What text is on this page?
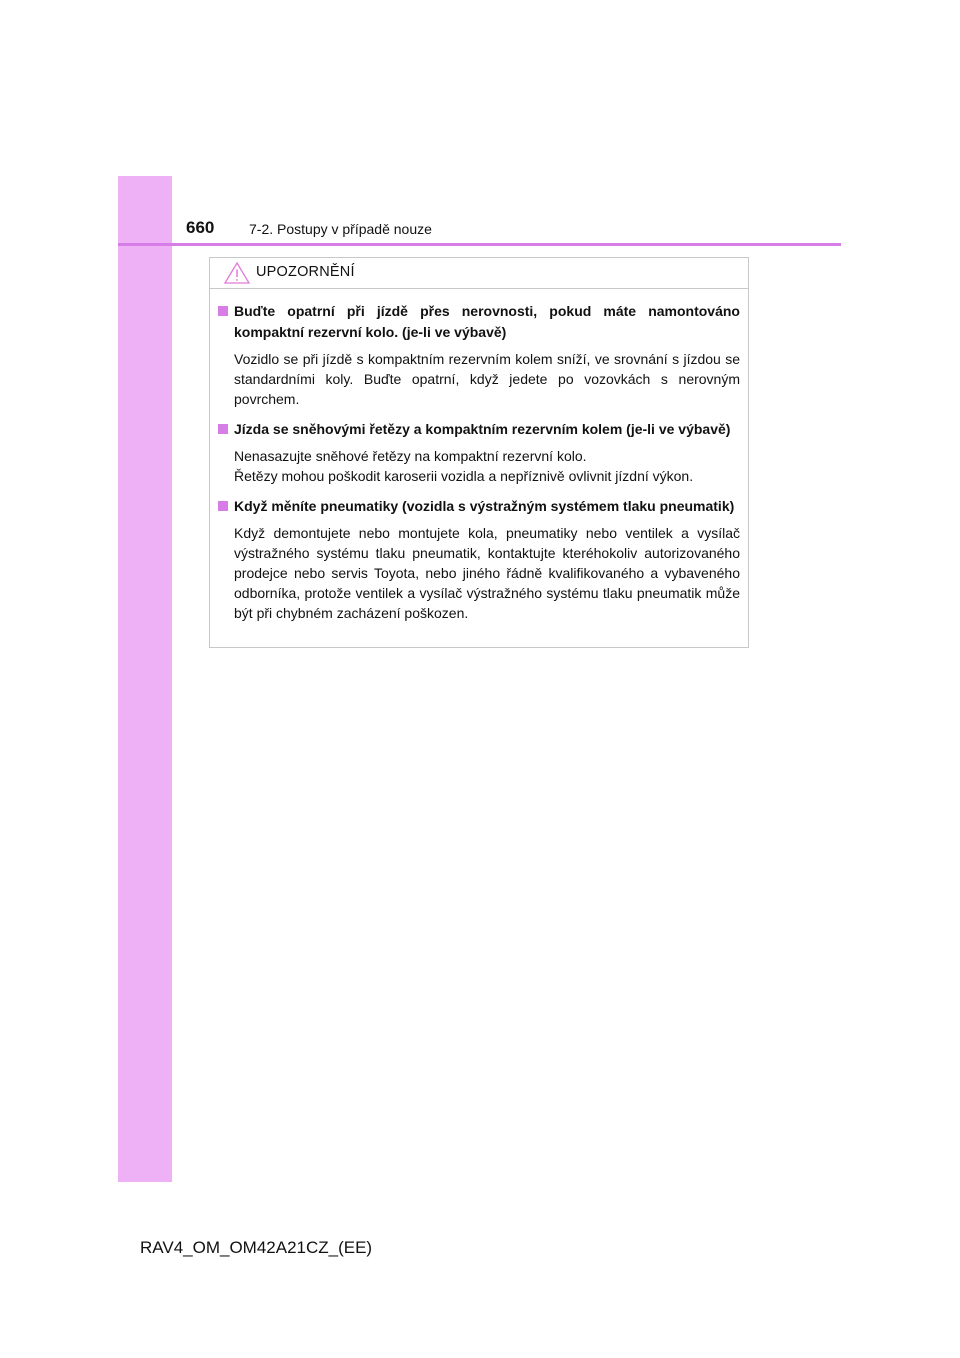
660 7-2. Postupy v případě nouze
UPOZORNĚNÍ
Buďte opatrní při jízdě přes nerovnosti, pokud máte namontováno kompaktní rezervní kolo. (je-li ve výbavě)

Vozidlo se při jízdě s kompaktním rezervním kolem sníží, ve srovnání s jízdou se standardními koly. Buďte opatrní, když jedete po vozovkách s nerovným povrchem.

Jízda se sněhovými řetězy a kompaktním rezervním kolem (je-li ve výbavě)

Nenasazujte sněhové řetězy na kompaktní rezervní kolo.

Řetězy mohou poškodit karoserii vozidla a nepříznivě ovlivnit jízdní výkon.

Když měníte pneumatiky (vozidla s výstražným systémem tlaku pneumatik)

Když demontujete nebo montujete kola, pneumatiky nebo ventilek a vysílač výstražného systému tlaku pneumatik, kontaktujte kteréhokoliv autorizovaného prodejce nebo servis Toyota, nebo jiného řádně kvalifikovaného a vybaveného odborníka, protože ventilek a vysílač výstražného systému tlaku pneumatik může být při chybném zacházení poškozen.

RAV4_OM_OM42A21CZ_(EE)
